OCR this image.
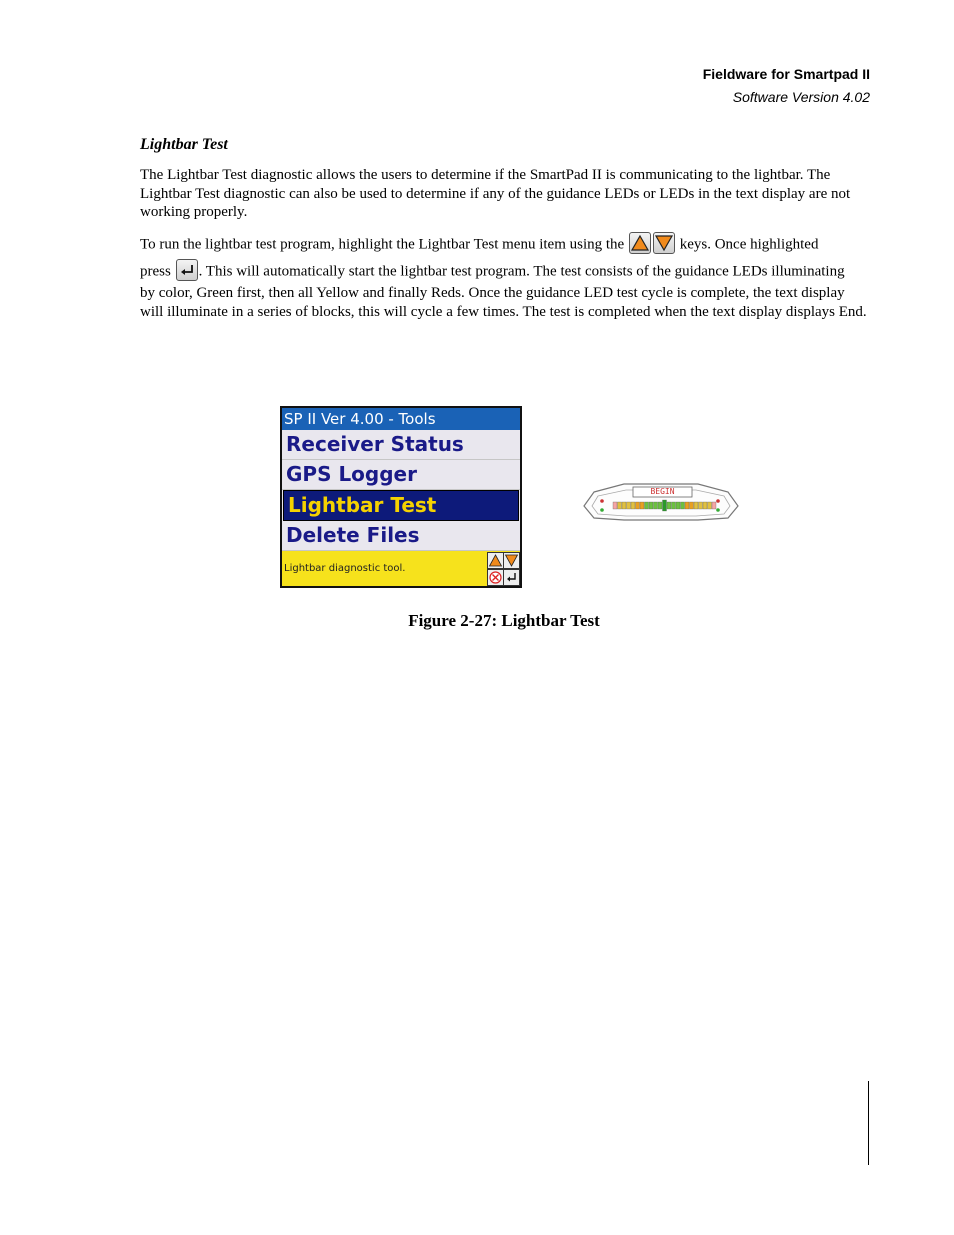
Fieldware for Smartpad II
Software Version 4.02
Lightbar Test
The Lightbar Test diagnostic allows the users to determine if the SmartPad II is communicating to the lightbar. The Lightbar Test diagnostic can also be used to determine if any of the guidance LEDs or LEDs in the text display are not working properly.
To run the lightbar test program, highlight the Lightbar Test menu item using the	keys. Once highlighted
press . This will automatically start the lightbar test program. The test consists of the guidance LEDs illuminating
by color, Green first, then all Yellow and finally Reds. Once the guidance LED test cycle is complete, the text display will illuminate in a series of blocks, this will cycle a few times. The test is completed when the text display displays End.
SP II Ver 4.00 - Tools
Receiver Status
GPS Logger
Lightbar Test
Delete Files
Lightbar diagnostic tool.
BEGIN
Figure 2-27: Lightbar Test
